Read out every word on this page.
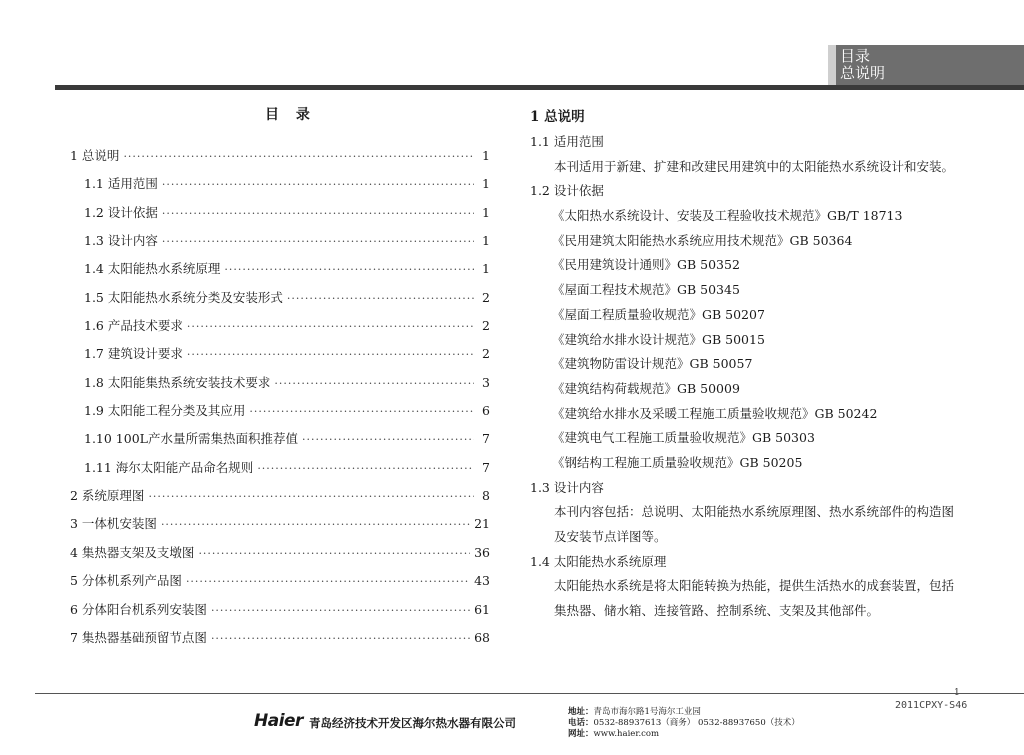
目录
总说明
目 录
1 总说明 ·····	1
1.1 适用范围 ·····	1
1.2 设计依据 ·····	1
1.3 设计内容 ·····	1
1.4 太阳能热水系统原理 ·····	1
1.5 太阳能热水系统分类及安装形式 ·····	2
1.6 产品技术要求 ·····	2
1.7 建筑设计要求 ·····	2
1.8 太阳能集热系统安装技术要求 ·····	3
1.9 太阳能工程分类及其应用 ·····	6
1.10 100L产水量所需集热面积推荐值 ·····	7
1.11 海尔太阳能产品命名规则 ·····	7
2 系统原理图 ·····	8
3 一体机安装图 ·····	21
4 集热器支架及支墩图 ·····	36
5 分体机系列产品图 ·····	43
6 分体阳台机系列安装图 ·····	61
7 集热器基础预留节点图 ·····	68
1 总说明
1.1 适用范围
本刊适用于新建、扩建和改建民用建筑中的太阳能热水系统设计和安装。
1.2 设计依据
《太阳热水系统设计、安装及工程验收技术规范》GB/T 18713
《民用建筑太阳能热水系统应用技术规范》GB 50364
《民用建筑设计通则》GB 50352
《屋面工程技术规范》GB 50345
《屋面工程质量验收规范》GB 50207
《建筑给水排水设计规范》GB 50015
《建筑物防雷设计规范》GB 50057
《建筑结构荷载规范》GB 50009
《建筑给水排水及采暖工程施工质量验收规范》GB 50242
《建筑电气工程施工质量验收规范》GB 50303
《钢结构工程施工质量验收规范》GB 50205
1.3 设计内容
本刊内容包括：总说明、太阳能热水系统原理图、热水系统部件的构造图及安装节点详图等。
1.4 太阳能热水系统原理
太阳能热水系统是将太阳能转换为热能，提供生活热水的成套装置，包括集热器、储水箱、连接管路、控制系统、支架及其他部件。
2011CPXY-S46
Haier 青岛经济技术开发区海尔热水器有限公司
地址：青岛市海尔路1号海尔工业园
电话：0532-88937613（商务） 0532-88937650（技术）
网址：www.haier.com
